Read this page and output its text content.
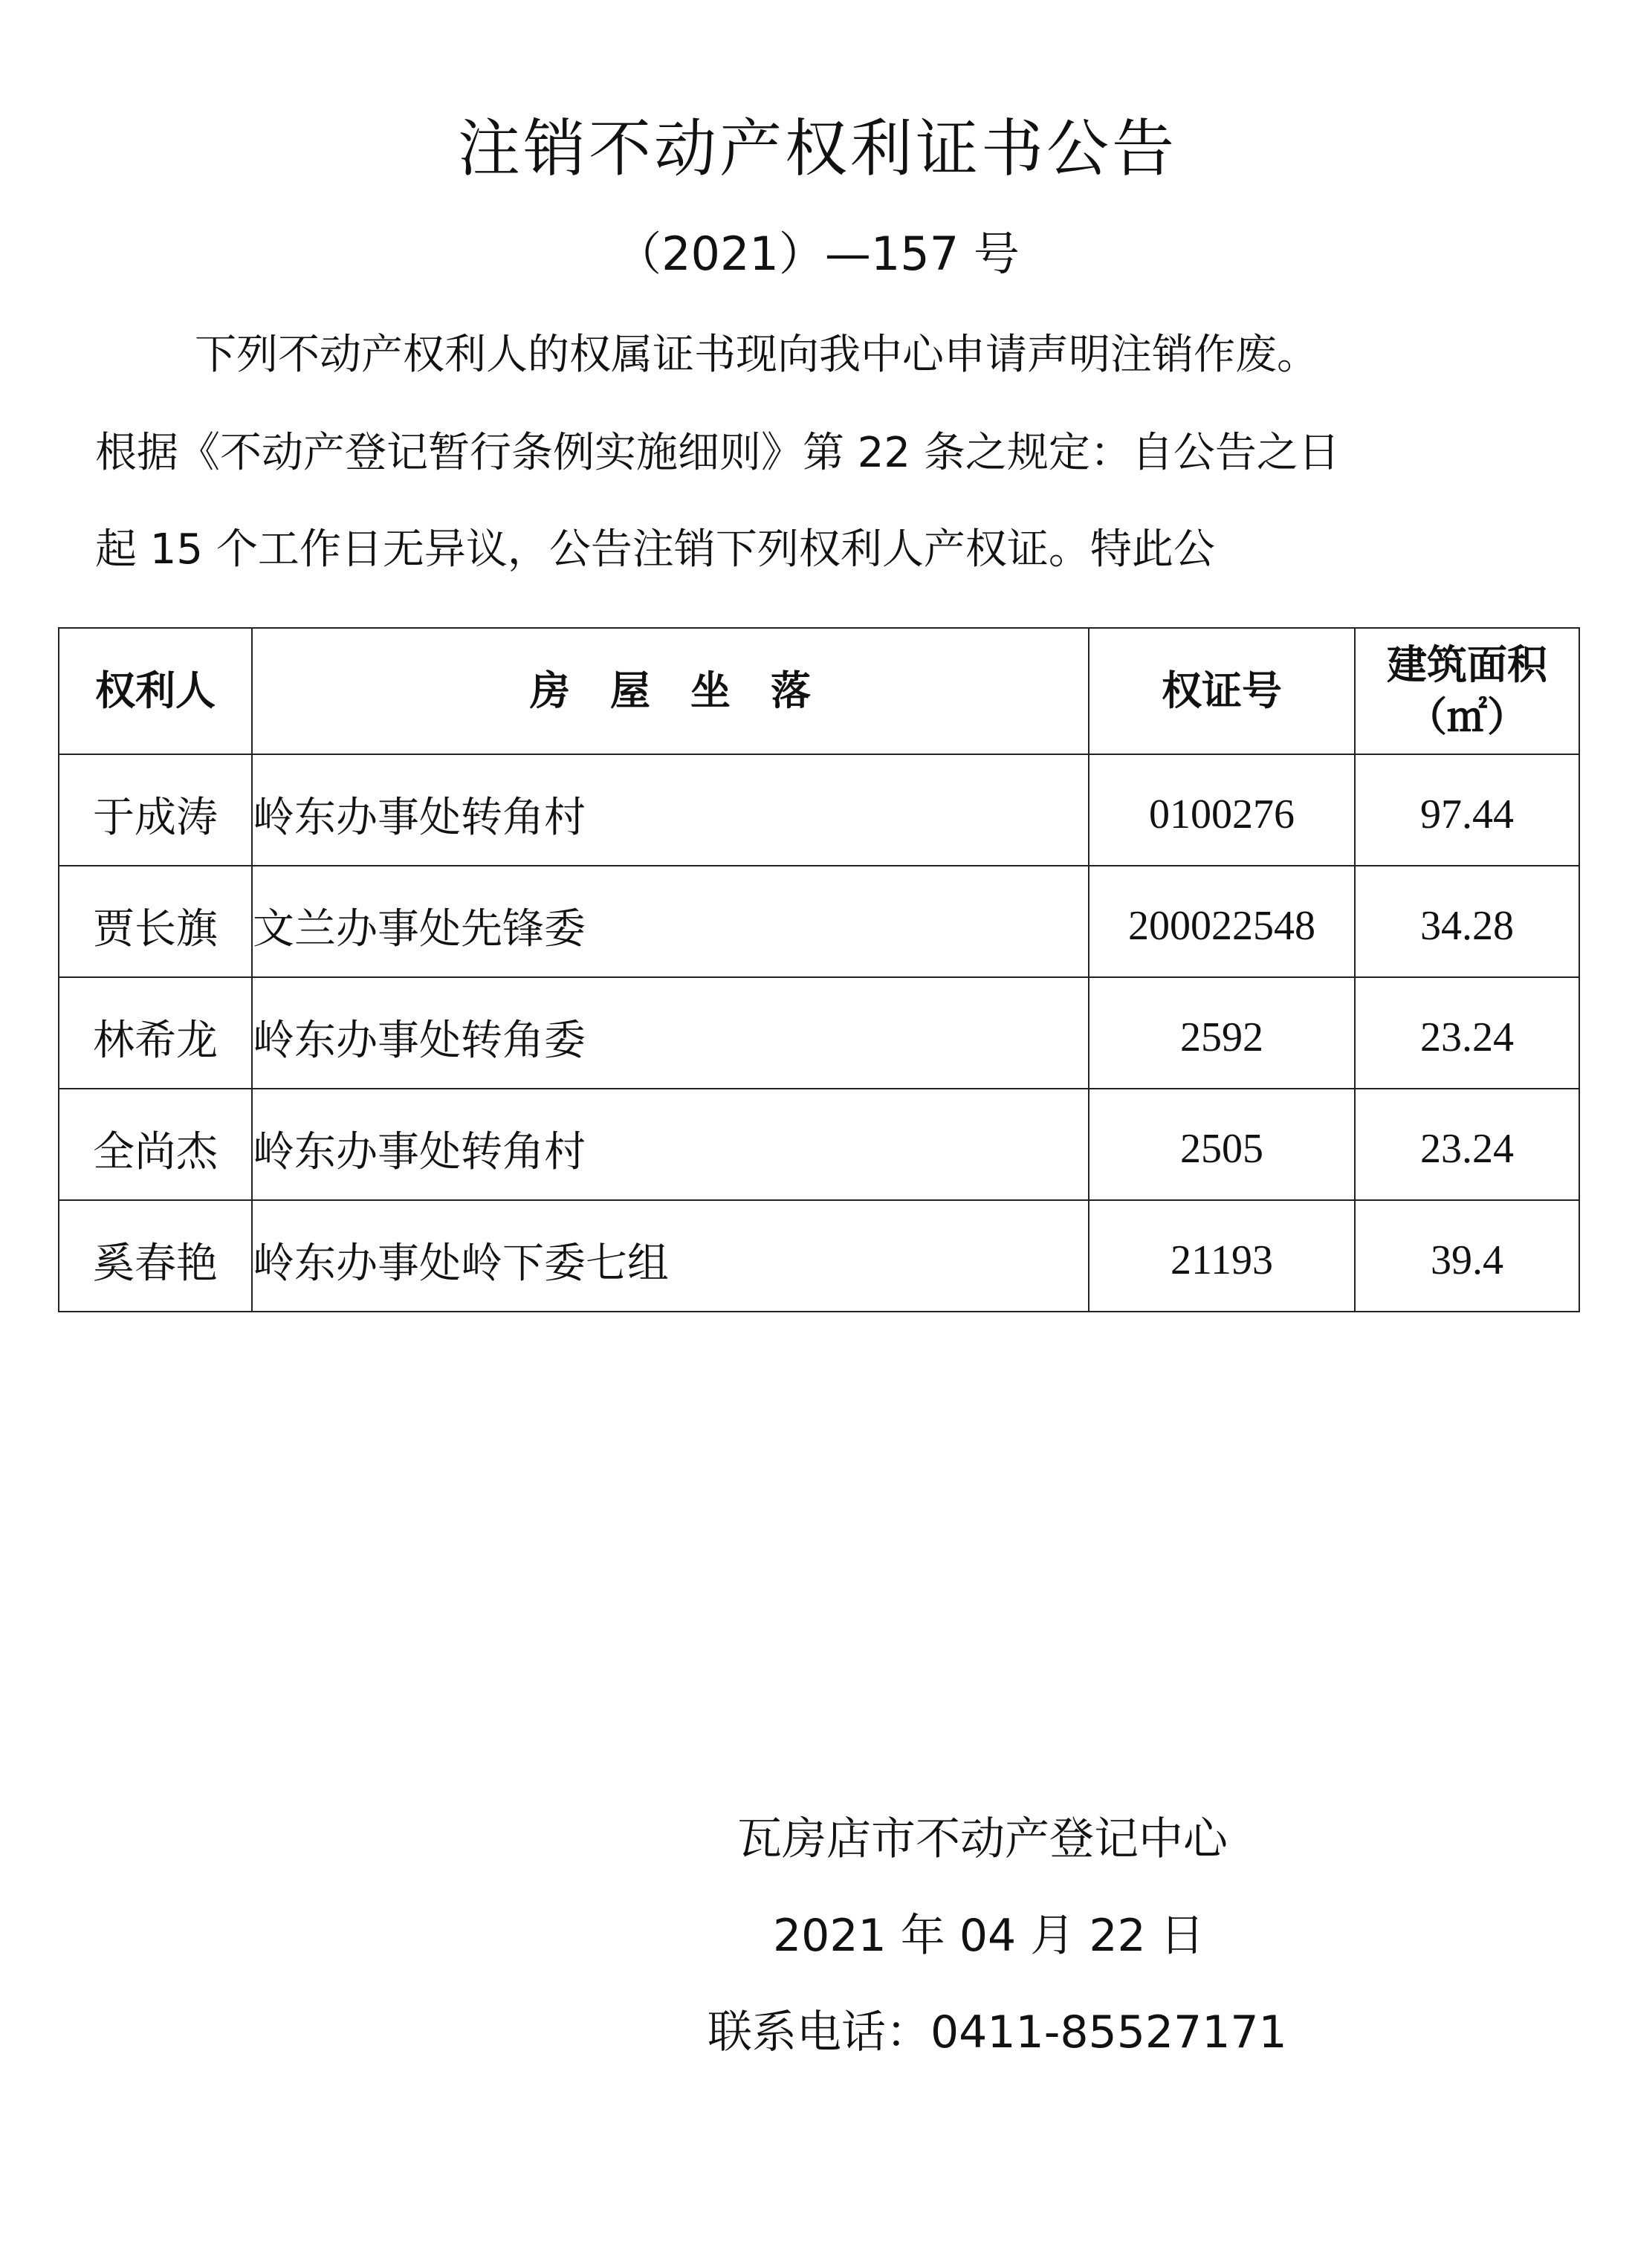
注销不动产权利证书公告
（2021）—157 号
下列不动产权利人的权属证书现向我中心申请声明注销作废。
根据《不动产登记暂行条例实施细则》第 22 条之规定：自公告之日
起 15 个工作日无异议，公告注销下列权利人产权证。特此公
权利人	房　屋　坐　落	权证号	建筑面积
（㎡）

于成涛	岭东办事处转角村	0100276	97.44
贾长旗	文兰办事处先锋委	200022548	34.28
林希龙	岭东办事处转角委	2592	23.24
全尚杰	岭东办事处转角村	2505	23.24
奚春艳	岭东办事处岭下委七组	21193	39.4
瓦房店市不动产登记中心
2021 年 04 月 22 日
联系电话：0411-85527171
